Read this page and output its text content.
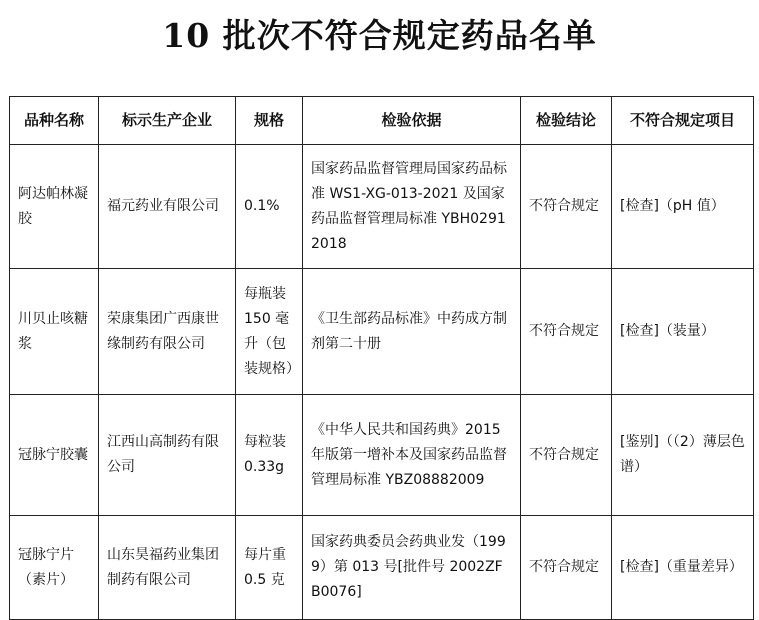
10 批次不符合规定药品名单
品种名称	标示生产企业	规格	检验依据	检验结论	不符合规定项目
阿达帕林凝胶	福元药业有限公司	0.1%	国家药品监督管理局国家药品标准 WS1-XG-013-2021 及国家药品监督管理局标准 YBH02912018	不符合规定	[检查]（pH 值）
川贝止咳糖浆	荣康集团广西康世缘制药有限公司	每瓶装 150 毫升（包装规格）	《卫生部药品标准》中药成方制剂第二十册	不符合规定	[检查]（装量）
冠脉宁胶囊	江西山高制药有限公司	每粒装 0.33g	《中华人民共和国药典》2015年版第一增补本及国家药品监督管理局标准 YBZ08882009	不符合规定	[鉴别]（（2）薄层色谱）
冠脉宁片（素片）	山东昊福药业集团制药有限公司	每片重 0.5 克	国家药典委员会药典业发（1999）第 013 号[批件号 2002ZFB0076]	不符合规定	[检查]（重量差异）
